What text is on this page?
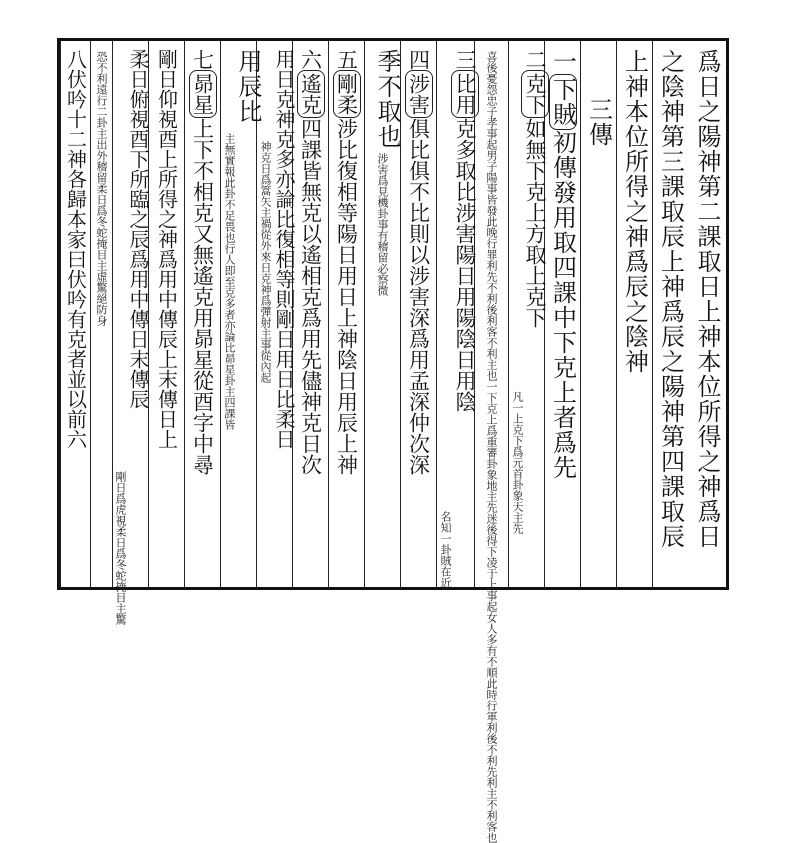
爲日之陽神第二課取日上神本位所得之神爲日
之陰神第三課取辰上神爲辰之陽神第四課取辰
上神本位所得之神爲辰之陰神
三傳
一下賊初傳發用取四課中下克上者爲先
二克下如無下克上方取上克下
凡一上克下爲元首卦象天主先
喜後憂怨忠子孝事起男子陽事皆發此晚行罪利先不利後利客不利主也一下克上爲重審卦象地主先迷後得下凌于上事起女人多有不順此時行軍利後不利先利主不利客也
三比用克多取比涉害陽日用陽陰日用陰
名知一卦賊在近
四涉害俱比俱不比則以涉害深爲用孟深仲次深
季不取也
涉害爲見機卦事有稽留必察微
五剛柔涉比復相等陽日用日上神陰日用辰上神
六遙克四課皆無克以遙相克爲用先儘神克日次
用日克神克多亦論比復相等則剛日用日比柔日
神克日爲篙矢主禍從外來日克神爲彈射主事從內起
用辰比
主無實報此卦不足畏也行人即至克多者亦論比昴星卦主四課皆
七昴星上下不相克又無遙克用昴星從酉字中尋
剛日仰視酉上所得之神爲用中傳辰上末傳日上
柔日俯視酉下所臨之辰爲用中傳日末傳辰
剛日爲虎視柔日爲冬蛇掩目主驚
恐不利遠行二卦主出外稽留柔日爲冬蛇掩目主虛驚絕防身
八伏吟十二神各歸本家曰伏吟有克者並以前六
